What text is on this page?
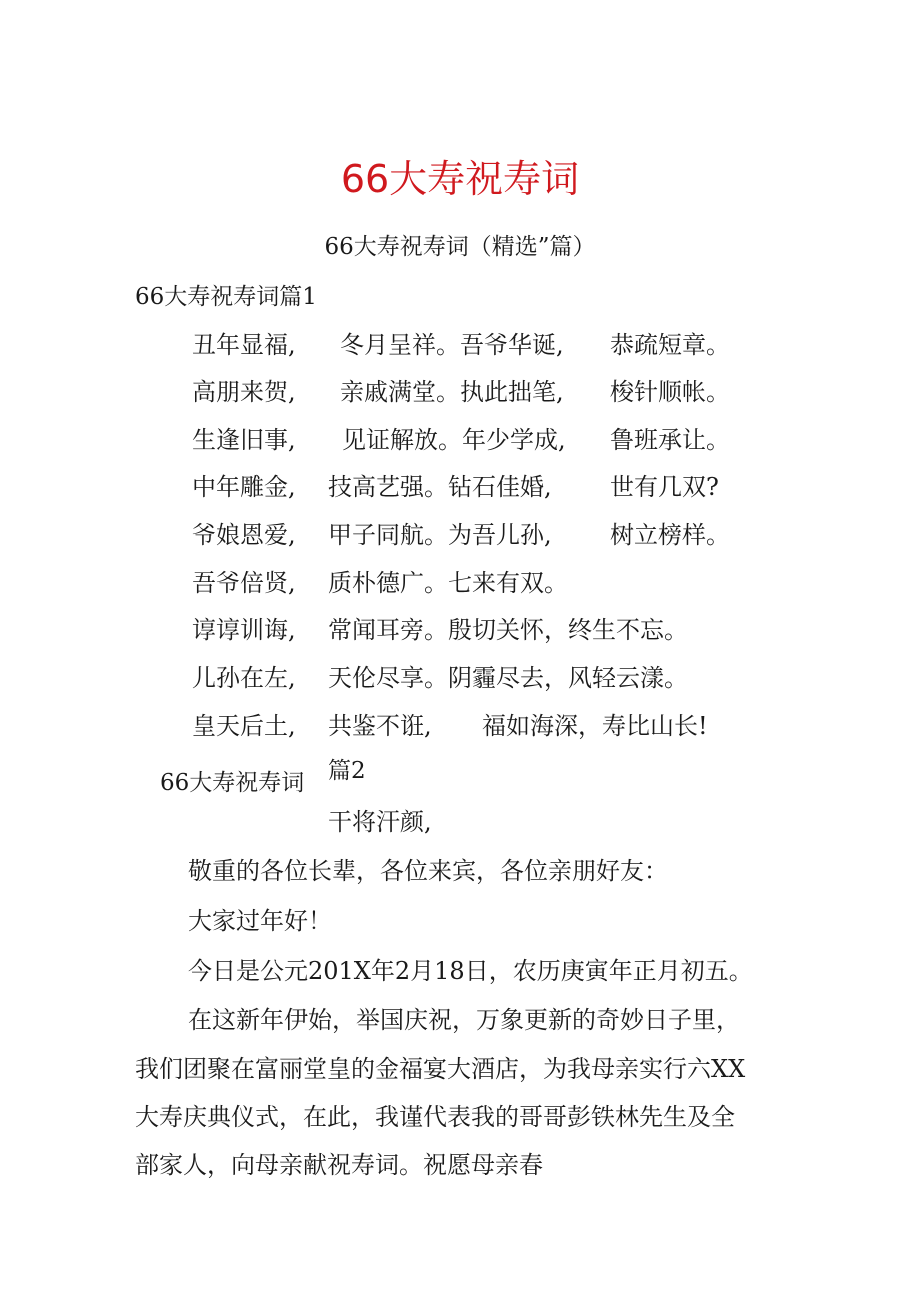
66大寿祝寿词
66大寿祝寿词（精选”篇）
66大寿祝寿词篇1
丑年显福, 冬月呈祥。吾爷华诞, 恭疏短章。
高朋来贺, 亲戚满堂。执此拙笔, 梭针顺帐。
生逢旧事, 见证解放。年少学成, 鲁班承让。
中年雕金, 技高艺强。钻石佳婚, 世有几双?
爷娘恩爱, 甲子同航。为吾儿孙, 树立榜样。
吾爷倍贤, 质朴德广。七来有双。
谆谆训诲, 常闻耳旁。殷切关怀，终生不忘。
儿孙在左, 天伦尽享。阴霾尽去，风轻云漾。
皇天后土, 共鉴不诳, 福如海深，寿比山长!
66大寿祝寿词 篇2
干将汗颜,
敬重的各位长辈，各位来宾，各位亲朋好友：
大家过年好！
今日是公元201X年2月18日，农历庚寅年正月初五。
在这新年伊始，举国庆祝，万象更新的奇妙日子里，
我们团聚在富丽堂皇的金福宴大酒店，为我母亲实行六XX
大寿庆典仪式，在此，我谨代表我的哥哥彭铁林先生及全
部家人，向母亲献祝寿词。祝愿母亲春
